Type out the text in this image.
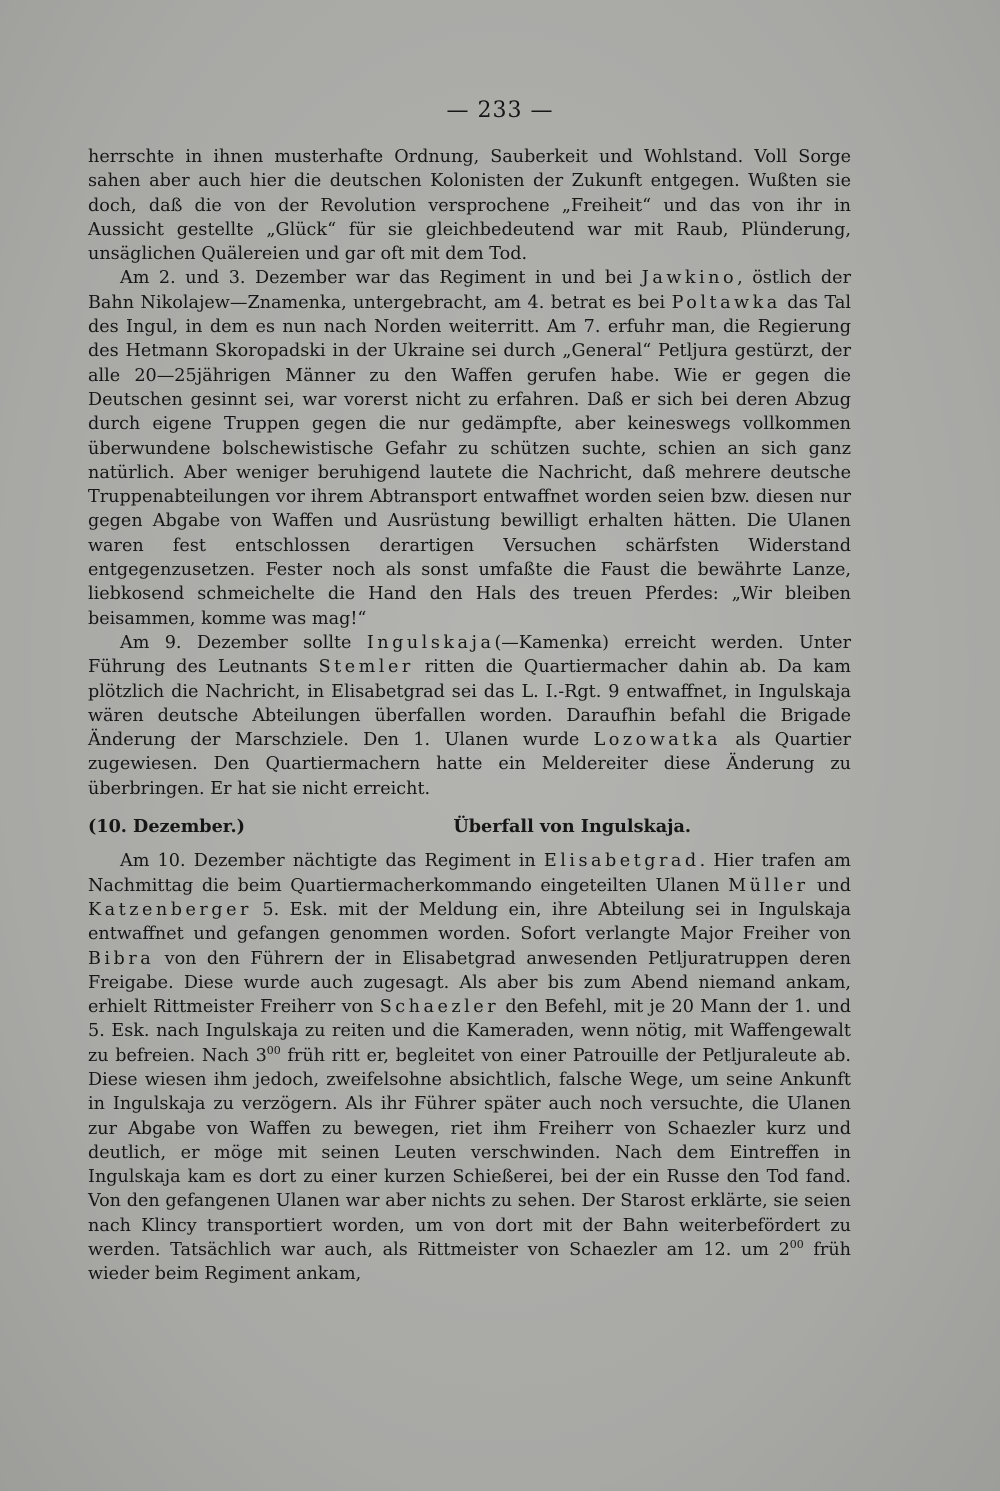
— 233 —

herrschte in ihnen musterhafte Ordnung, Sauberkeit und Wohlstand. Voll Sorge sahen aber auch hier die deutschen Kolonisten der Zukunft entgegen. Wußten sie doch, daß die von der Revolution versprochene „Freiheit“ und das von ihr in Aussicht gestellte „Glück“ für sie gleichbedeutend war mit Raub, Plünderung, unsäglichen Quälereien und gar oft mit dem Tod.

Am 2. und 3. Dezember war das Regiment in und bei Jawkino, östlich der Bahn Nikolajew—Znamenka, untergebracht, am 4. betrat es bei Poltawka das Tal des Ingul, in dem es nun nach Norden weiterritt. Am 7. erfuhr man, die Regierung des Hetmann Skoropadski in der Ukraine sei durch „General“ Petljura gestürzt, der alle 20—25jährigen Männer zu den Waffen gerufen habe. Wie er gegen die Deutschen gesinnt sei, war vorerst nicht zu erfahren. Daß er sich bei deren Abzug durch eigene Truppen gegen die nur gedämpfte, aber keineswegs vollkommen überwundene bolschewistische Gefahr zu schützen suchte, schien an sich ganz natürlich. Aber weniger beruhigend lautete die Nachricht, daß mehrere deutsche Truppenabteilungen vor ihrem Abtransport entwaffnet worden seien bzw. diesen nur gegen Abgabe von Waffen und Ausrüstung bewilligt erhalten hätten. Die Ulanen waren fest entschlossen derartigen Versuchen schärfsten Widerstand entgegenzusetzen. Fester noch als sonst umfaßte die Faust die bewährte Lanze, liebkosend schmeichelte die Hand den Hals des treuen Pferdes: „Wir bleiben beisammen, komme was mag!“

Am 9. Dezember sollte Ingulskaja(—Kamenka) erreicht werden. Unter Führung des Leutnants Stemler ritten die Quartiermacher dahin ab. Da kam plötzlich die Nachricht, in Elisabetgrad sei das L. I.-Rgt. 9 entwaffnet, in Ingulskaja wären deutsche Abteilungen überfallen worden. Daraufhin befahl die Brigade Änderung der Marschziele. Den 1. Ulanen wurde Lozowatka als Quartier zugewiesen. Den Quartiermachern hatte ein Meldereiter diese Änderung zu überbringen. Er hat sie nicht erreicht.

(10. Dezember.)	Überfall von Ingulskaja.

Am 10. Dezember nächtigte das Regiment in Elisabetgrad. Hier trafen am Nachmittag die beim Quartiermacherkommando eingeteilten Ulanen Müller und Katzenberger 5. Esk. mit der Meldung ein, ihre Abteilung sei in Ingulskaja entwaffnet und gefangen genommen worden. Sofort verlangte Major Freiher von Bibra von den Führern der in Elisabetgrad anwesenden Petljuratruppen deren Freigabe. Diese wurde auch zugesagt. Als aber bis zum Abend niemand ankam, erhielt Rittmeister Freiherr von Schaezler den Befehl, mit je 20 Mann der 1. und 5. Esk. nach Ingulskaja zu reiten und die Kameraden, wenn nötig, mit Waffengewalt zu befreien. Nach $3^{00}$ früh ritt er, begleitet von einer Patrouille der Petljuraleute ab. Diese wiesen ihm jedoch, zweifelsohne absichtlich, falsche Wege, um seine Ankunft in Ingulskaja zu verzögern. Als ihr Führer später auch noch versuchte, die Ulanen zur Abgabe von Waffen zu bewegen, riet ihm Freiherr von Schaezler kurz und deutlich, er möge mit seinen Leuten verschwinden. Nach dem Eintreffen in Ingulskaja kam es dort zu einer kurzen Schießerei, bei der ein Russe den Tod fand. Von den gefangenen Ulanen war aber nichts zu sehen. Der Starost erklärte, sie seien nach Klincy transportiert worden, um von dort mit der Bahn weiterbefördert zu werden. Tatsächlich war auch, als Rittmeister von Schaezler am 12. um $2^{00}$ früh wieder beim Regiment ankam,
